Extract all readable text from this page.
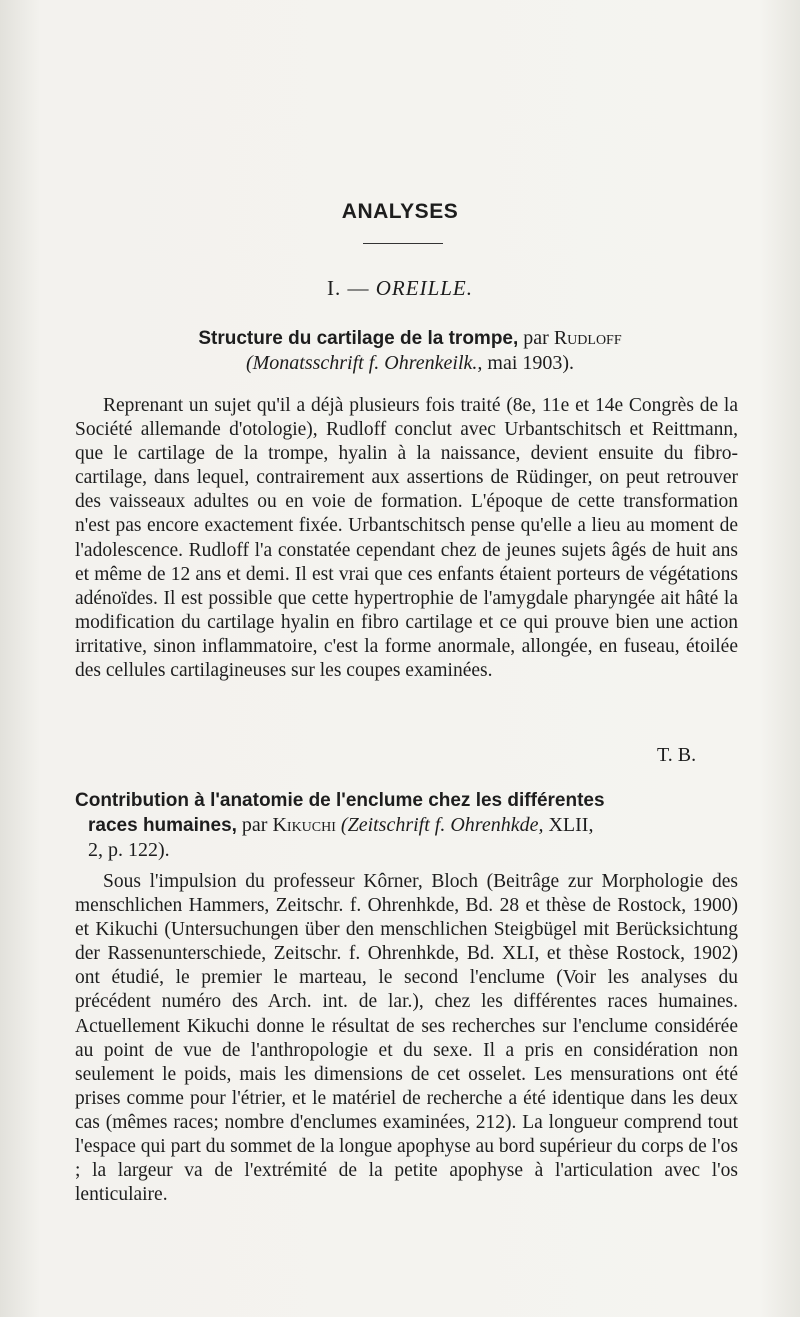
ANALYSES
I. — OREILLE.
Structure du cartilage de la trompe, par Rudloff
(Monatsschrift f. Ohrenkeilk., mai 1903).

Reprenant un sujet qu'il a déjà plusieurs fois traité (8e, 11e et 14e Congrès de la Société allemande d'otologie), Rudloff conclut avec Urbantschitsch et Reittmann, que le cartilage de la trompe, hyalin à la naissance, devient ensuite du fibro-cartilage, dans lequel, contrairement aux assertions de Rüdinger, on peut retrouver des vaisseaux adultes ou en voie de formation. L'époque de cette transformation n'est pas encore exactement fixée. Urbantschitsch pense qu'elle a lieu au moment de l'adolescence. Rudloff l'a constatée cependant chez de jeunes sujets âgés de huit ans et même de 12 ans et demi. Il est vrai que ces enfants étaient porteurs de végétations adénoïdes. Il est possible que cette hypertrophie de l'amygdale pharyngée ait hâté la modification du cartilage hyalin en fibro cartilage et ce qui prouve bien une action irritative, sinon inflammatoire, c'est la forme anormale, allongée, en fuseau, étoilée des cellules cartilagineuses sur les coupes examinées.

T. B.
Contribution à l'anatomie de l'enclume chez les différentes
races humaines, par Kikuchi (Zeitschrift f. Ohrenhkde, XLII,
2, p. 122).

Sous l'impulsion du professeur Kôrner, Bloch (Beitrâge zur Morphologie des menschlichen Hammers, Zeitschr. f. Ohrenhkde, Bd. 28 et thèse de Rostock, 1900) et Kikuchi (Untersuchungen über den menschlichen Steigbügel mit Berücksichtung der Rassenunterschiede, Zeitschr. f. Ohrenhkde, Bd. XLI, et thèse Rostock, 1902) ont étudié, le premier le marteau, le second l'enclume (Voir les analyses du précédent numéro des Arch. int. de lar.), chez les différentes races humaines. Actuellement Kikuchi donne le résultat de ses recherches sur l'enclume considérée au point de vue de l'anthropologie et du sexe. Il a pris en considération non seulement le poids, mais les dimensions de cet osselet. Les mensurations ont été prises comme pour l'étrier, et le matériel de recherche a été identique dans les deux cas (mêmes races; nombre d'enclumes examinées, 212). La longueur comprend tout l'espace qui part du sommet de la longue apophyse au bord supérieur du corps de l'os ; la largeur va de l'extrémité de la petite apophyse à l'articulation avec l'os lenticulaire.
